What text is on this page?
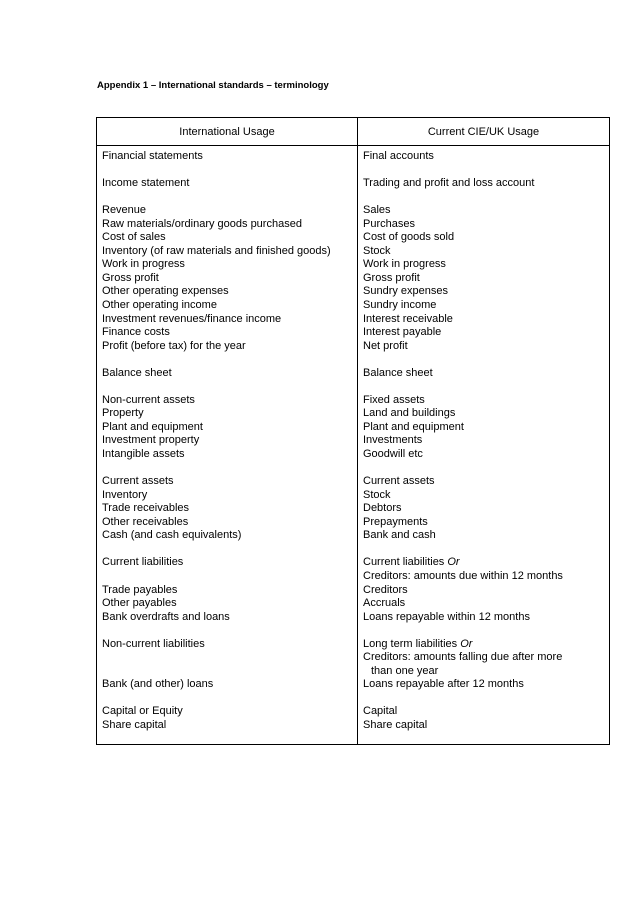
Appendix 1 – International standards – terminology
International Usage	Current CIE/UK Usage
Financial statements
Income statement
Revenue
Raw materials/ordinary goods purchased
Cost of sales
Inventory (of raw materials and finished goods)
Work in progress
Gross profit
Other operating expenses
Other operating income
Investment revenues/finance income
Finance costs
Profit (before tax) for the year
Balance sheet
Non-current assets
Property
Plant and equipment
Investment property
Intangible assets
Current assets
Inventory
Trade receivables
Other receivables
Cash (and cash equivalents)
Current liabilities
Trade payables
Other payables
Bank overdrafts and loans
Non-current liabilities
Bank (and other) loans
Capital or Equity
Share capital
Final accounts
Trading and profit and loss account
Sales
Purchases
Cost of goods sold
Stock
Work in progress
Gross profit
Sundry expenses
Sundry income
Interest receivable
Interest payable
Net profit
Balance sheet
Fixed assets
Land and buildings
Plant and equipment
Investments
Goodwill etc
Current assets
Stock
Debtors
Prepayments
Bank and cash
Current liabilities Or
Creditors: amounts due within 12 months
Creditors
Accruals
Loans repayable within 12 months
Long term liabilities Or
Creditors: amounts falling due after more
than one year
Loans repayable after 12 months
Capital
Share capital
